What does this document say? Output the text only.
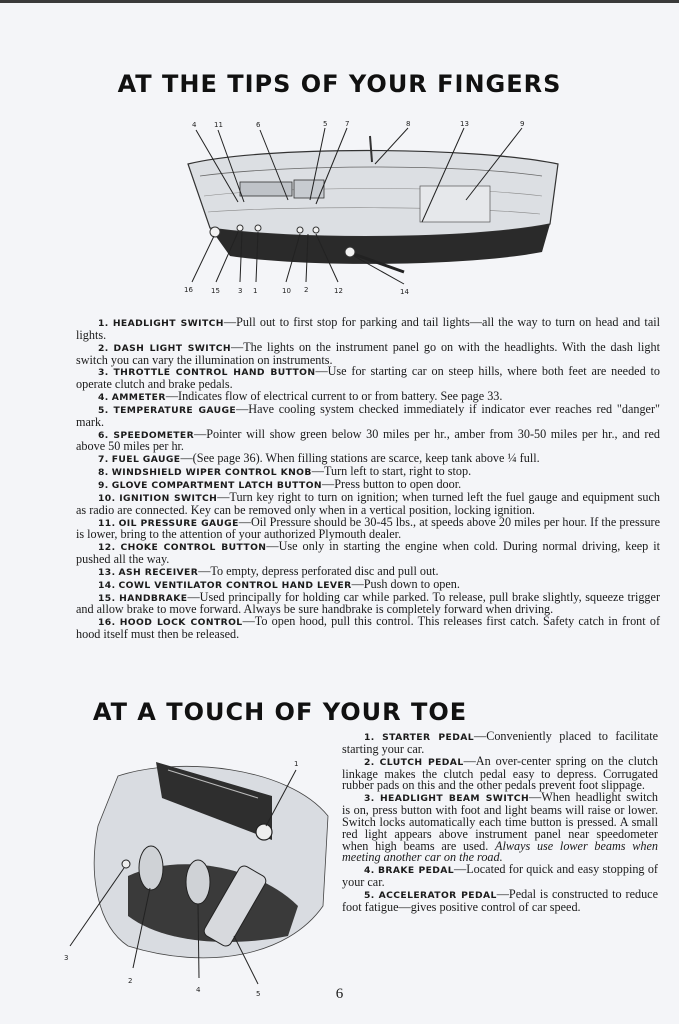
AT THE TIPS OF YOUR FINGERS
4	11	6	5	7	8	13	9
16	15	3 1	10 2	12	14
1. HEADLIGHT SWITCH—Pull out to first stop for parking and tail lights—all the way to turn on head and tail lights.
2. DASH LIGHT SWITCH—The lights on the instrument panel go on with the headlights. With the dash light switch you can vary the illumination on instruments.
3. THROTTLE CONTROL HAND BUTTON—Use for starting car on steep hills, where both feet are needed to operate clutch and brake pedals.
4. AMMETER—Indicates flow of electrical current to or from battery. See page 33.
5. TEMPERATURE GAUGE—Have cooling system checked immediately if indicator ever reaches red "danger" mark.
6. SPEEDOMETER—Pointer will show green below 30 miles per hr., amber from 30-50 miles per hr., and red above 50 miles per hr.
7. FUEL GAUGE—(See page 36). When filling stations are scarce, keep tank above ¼ full.
8. WINDSHIELD WIPER CONTROL KNOB—Turn left to start, right to stop.
9. GLOVE COMPARTMENT LATCH BUTTON—Press button to open door.
10. IGNITION SWITCH—Turn key right to turn on ignition; when turned left the fuel gauge and equipment such as radio are connected. Key can be removed only when in a vertical position, locking ignition.
11. OIL PRESSURE GAUGE—Oil Pressure should be 30-45 lbs., at speeds above 20 miles per hour. If the pressure is lower, bring to the attention of your authorized Plymouth dealer.
12. CHOKE CONTROL BUTTON—Use only in starting the engine when cold. During normal driving, keep it pushed all the way.
13. ASH RECEIVER—To empty, depress perforated disc and pull out.
14. COWL VENTILATOR CONTROL HAND LEVER—Push down to open.
15. HANDBRAKE—Used principally for holding car while parked. To release, pull brake slightly, squeeze trigger and allow brake to move forward. Always be sure handbrake is completely forward when driving.
16. HOOD LOCK CONTROL—To open hood, pull this control. This releases first catch. Safety catch in front of hood itself must then be released.
AT A TOUCH OF YOUR TOE
1
3
2
4	5
1. STARTER PEDAL—Conveniently placed to facilitate starting your car.
2. CLUTCH PEDAL—An over-center spring on the clutch linkage makes the clutch pedal easy to depress. Corrugated rubber pads on this and the other pedals prevent foot slippage.
3. HEADLIGHT BEAM SWITCH—When headlight switch is on, press button with foot and light beams will raise or lower. Switch locks automatically each time button is pressed. A small red light appears above instrument panel near speedometer when high beams are used. Always use lower beams when meeting another car on the road.
4. BRAKE PEDAL—Located for quick and easy stopping of your car.
5. ACCELERATOR PEDAL—Pedal is constructed to reduce foot fatigue—gives positive control of car speed.
6
